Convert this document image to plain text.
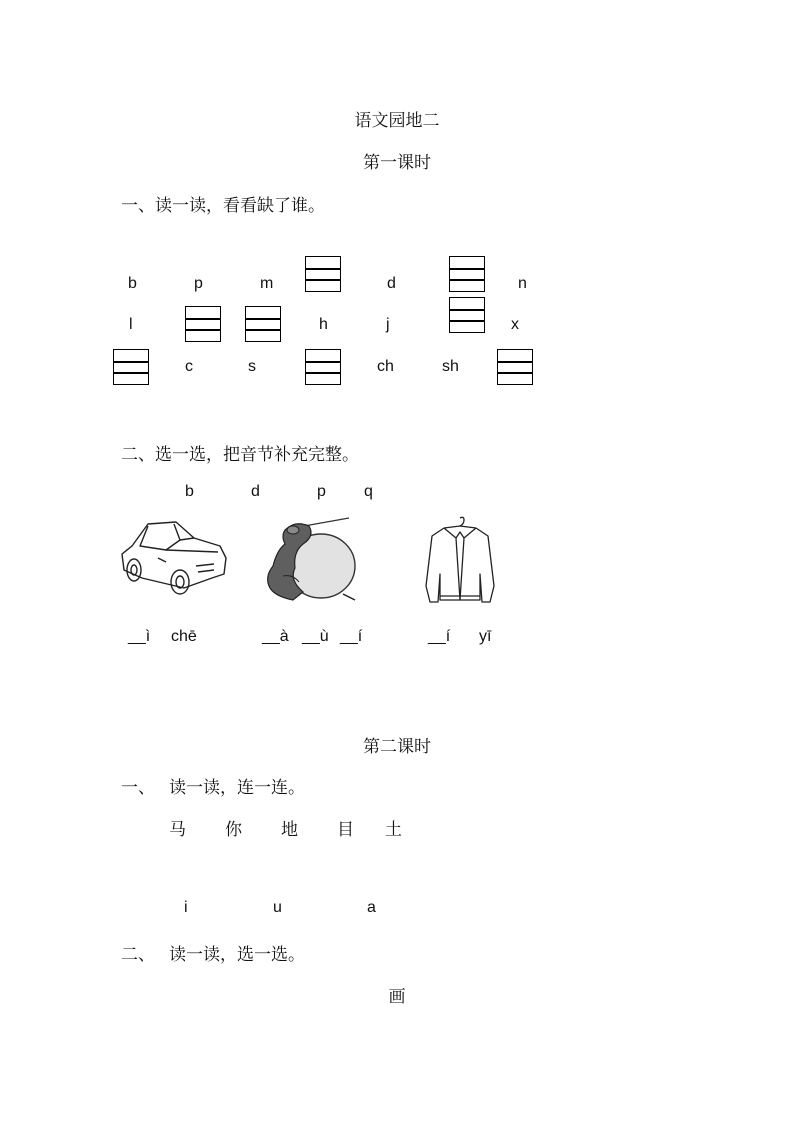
语文园地二
第一课时
一、读一读，看看缺了谁。
b	p	m	d	n
l	h	j	x
c	s	ch	sh
二、选一选，把音节补充完整。
b	d	p q
__ì chē	__à __ù __í	__í yī
第二课时
一、 读一读，连一连。
马 你 地 目 土
i	u	a
二、 读一读，选一选。
画
